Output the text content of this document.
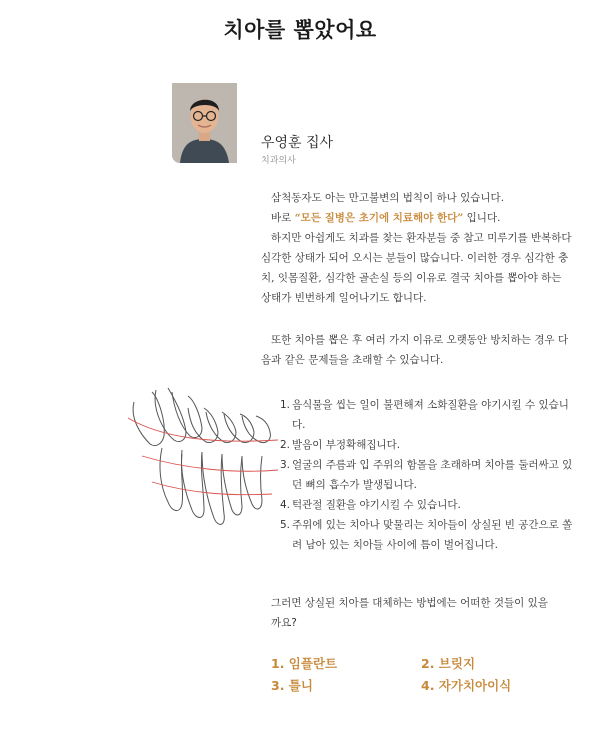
치아를 뽑았어요
우영훈 집사
치과의사

삼척동자도 아는 만고불변의 법칙이 하나 있습니다.

바로 “모든 질병은 초기에 치료해야 한다” 입니다.

하지만 아쉽게도 치과를 찾는 환자분들 중 참고 미루기를 반복하다 심각한 상태가 되어 오시는 분들이 많습니다. 이러한 경우 심각한 충치, 잇몸질환, 심각한 골손실 등의 이유로 결국 치아를 뽑아야 하는 상태가 빈번하게 일어나기도 합니다.

또한 치아를 뽑은 후 여러 가지 이유로 오랫동안 방치하는 경우 다음과 같은 문제들을 초래할 수 있습니다.
1. 음식물을 씹는 일이 불편해져 소화질환을 야기시킬 수 있습니다.
2. 발음이 부정확해집니다.
3. 얼굴의 주름과 입 주위의 함몰을 초래하며 치아를 둘러싸고 있던 뼈의 흡수가 발생됩니다.
4. 턱관절 질환을 야기시킬 수 있습니다.
5. 주위에 있는 치아나 맞물리는 치아들이 상실된 빈 공간으로 쏠려 남아 있는 치아들 사이에 틈이 벌어집니다.
그러면 상실된 치아를 대체하는 방법에는 어떠한 것들이 있을까요?
1. 임플란트	2. 브릿지
3. 틀니	4. 자가치아이식
